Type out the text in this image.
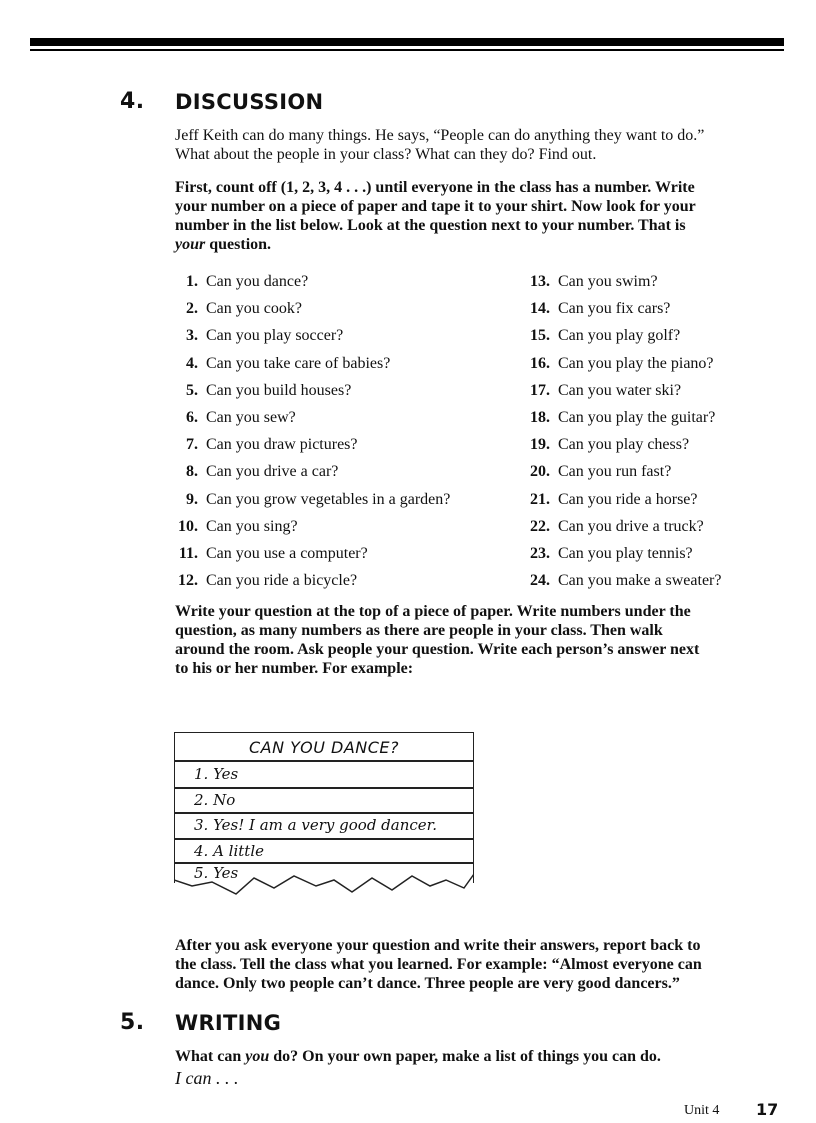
4. DISCUSSION
Jeff Keith can do many things. He says, “People can do anything they want to do.”
What about the people in your class? What can they do? Find out.
First, count off (1, 2, 3, 4 . . .) until everyone in the class has a number. Write
your number on a piece of paper and tape it to your shirt. Now look for your
number in the list below. Look at the question next to your number. That is
your question.
1. Can you dance?
2. Can you cook?
3. Can you play soccer?
4. Can you take care of babies?
5. Can you build houses?
6. Can you sew?
7. Can you draw pictures?
8. Can you drive a car?
9. Can you grow vegetables in a garden?
10. Can you sing?
11. Can you use a computer?
12. Can you ride a bicycle?
13. Can you swim?
14. Can you fix cars?
15. Can you play golf?
16. Can you play the piano?
17. Can you water ski?
18. Can you play the guitar?
19. Can you play chess?
20. Can you run fast?
21. Can you ride a horse?
22. Can you drive a truck?
23. Can you play tennis?
24. Can you make a sweater?
Write your question at the top of a piece of paper. Write numbers under the
question, as many numbers as there are people in your class. Then walk
around the room. Ask people your question. Write each person’s answer next
to his or her number. For example:
CAN YOU DANCE?
1. Yes
2. No
3. Yes! I am a very good dancer.
4. A little
5. Yes
After you ask everyone your question and write their answers, report back to
the class. Tell the class what you learned. For example: “Almost everyone can
dance. Only two people can’t dance. Three people are very good dancers.”
5. WRITING
What can you do? On your own paper, make a list of things you can do.
I can . . .
Unit 4 17
